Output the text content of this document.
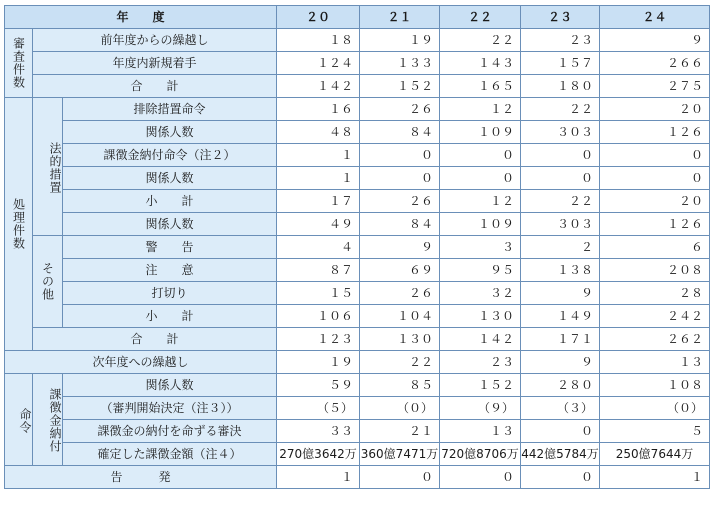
年　　度			２０	２１	２２	２３	２４
審査件数	前年度からの繰越し		１８	１９	２２	２３	９
	年度内新規着手		１２４	１３３	１４３	１５７	２６６
	合　　計		１４２	１５２	１６５	１８０	２７５
処理件数	法的措置	排除措置命令	１６	２６	１２	２２	２０
		関係人数	４８	８４	１０９	３０３	１２６
		課徴金納付命令（注２）	１	０	０	０	０
		関係人数	１	０	０	０	０
		小　　計	１７	２６	１２	２２	２０
		関係人数	４９	８４	１０９	３０３	１２６
	その他	警　　告	４	９	３	２	６
		注　　意	８７	６９	９５	１３８	２０８
		打切り	１５	２６	３２	９	２８
		小　　計	１０６	１０４	１３０	１４９	２４２
	合　　計		１２３	１３０	１４２	１７１	２６２
次年度への繰越し			１９	２２	２３	９	１３
命令	課徴金納付	関係人数	５９	８５	１５２	２８０	１０８
		（審判開始決定（注３））	（５）	（０）	（９）	（３）	（０）
		課徴金の納付を命ずる審決	３３	２１	１３	０	５
		確定した課徴金額（注４）	270億3642万	360億7471万	720億8706万	442億5784万	250億7644万
告　　　発			１	０	０	０	１
